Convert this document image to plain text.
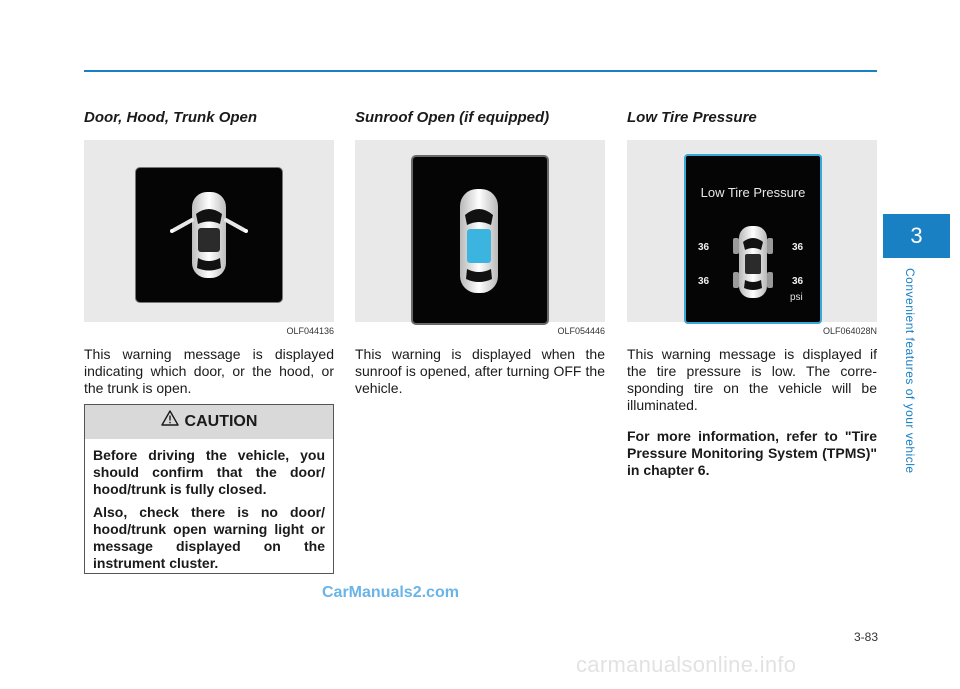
Door, Hood, Trunk Open
OLF044136
This warning message is displayed indicating which door, or the hood, or the trunk is open.
Sunroof Open (if equipped)
OLF054446
This warning is displayed when the sunroof is opened, after turning OFF the vehicle.
Low Tire Pressure
Low Tire Pressure
36	36
36	36
psi
OLF064028N
This warning message is displayed if the tire pressure is low. The corre-sponding tire on the vehicle will be illuminated.
For more information, refer to "Tire Pressure Monitoring System (TPMS)" in chapter 6.
CAUTION

Before driving the vehicle, you should confirm that the door/ hood/trunk is fully closed.

Also, check there is no door/ hood/trunk open warning light or message displayed on the instrument cluster.

3
Convenient features of your vehicle
3-83
CarManuals2.com
carmanualsonline.info
